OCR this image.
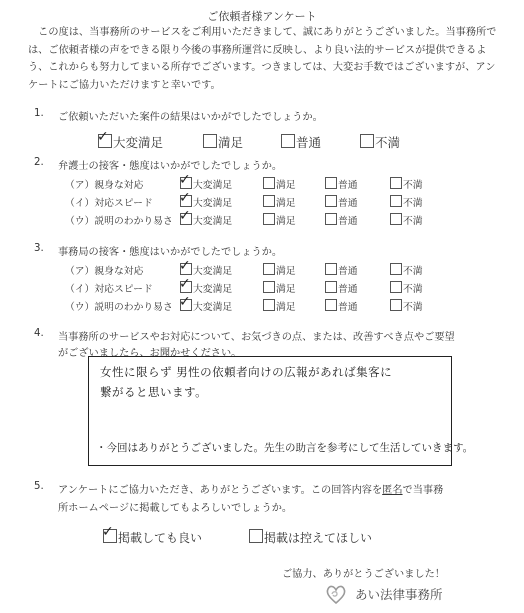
ご依頼者様アンケート
　この度は、当事務所のサービスをご利用いただきまして、誠にありがとうございました。当事務所では、ご依頼者様の声をできる限り今後の事務所運営に反映し、より良い法的サービスが提供できるよう、これからも努力してまいる所存でございます。つきましては、大変お手数ではございますが、アンケートにご協力いただけますと幸いです。
1. ご依頼いただいた案件の結果はいかがでしたでしょうか。
✓大変満足	満足	普通	不満
2. 弁護士の接客・態度はいかがでしたでしょうか。
（ア）親身な対応 ✓	大変満足	満足	普通	不満
（イ）対応スピード ✓	大変満足	満足	普通	不満
（ウ）説明のわかり易さ ✓	大変満足	満足	普通	不満
3. 事務局の接客・態度はいかがでしたでしょうか。
（ア）親身な対応 ✓	大変満足	満足	普通	不満
（イ）対応スピード ✓	大変満足	満足	普通	不満
（ウ）説明のわかり易さ ✓	大変満足	満足	普通	不満
4. 当事務所のサービスやお対応について、お気づきの点、または、改善すべき点やご要望
がございましたら、お聞かせください。
女性に限らず 男性の依頼者向けの広報があれば集客に
繋がると思います。
・今回はありがとうございました。先生の助言を参考にして生活していきます。
5. アンケートにご協力いただき、ありがとうございます。この回答内容を匿名で当事務
所ホームページに掲載してもよろしいでしょうか。
✓掲載しても良い	掲載は控えてほしい
ご協力、ありがとうございました！
あい法律事務所
